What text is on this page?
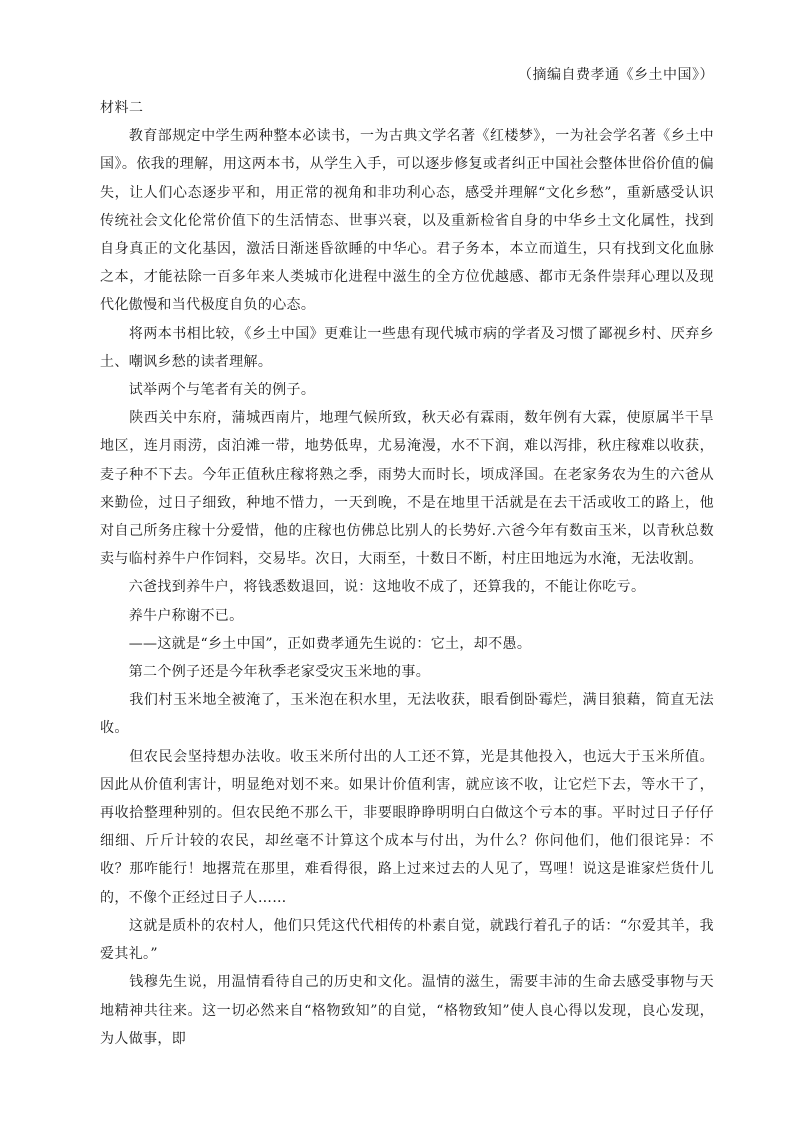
（摘编自费孝通《乡土中国》）

材料二

　　教育部规定中学生两种整本必读书，一为古典文学名著《红楼梦》，一为社会学名著《乡土中国》。依我的理解，用这两本书，从学生入手，可以逐步修复或者纠正中国社会整体世俗价值的偏失，让人们心态逐步平和，用正常的视角和非功利心态，感受并理解“文化乡愁”，重新感受认识传统社会文化伦常价值下的生活情态、世事兴衰，以及重新检省自身的中华乡土文化属性，找到自身真正的文化基因，激活日渐迷昏欲睡的中华心。君子务本，本立而道生，只有找到文化血脉之本，才能祛除一百多年来人类城市化进程中滋生的全方位优越感、都市无条件崇拜心理以及现代化傲慢和当代极度自负的心态。

　　将两本书相比较，《乡土中国》更难让一些患有现代城市病的学者及习惯了鄙视乡村、厌弃乡土、嘲讽乡愁的读者理解。

　　试举两个与笔者有关的例子。

　　陕西关中东府，蒲城西南片，地理气候所致，秋天必有霖雨，数年例有大霖，使原属半干旱地区，连月雨涝，卤泊滩一带，地势低卑，尤易淹漫，水不下润，难以泻排，秋庄稼难以收获，麦子种不下去。今年正值秋庄稼将熟之季，雨势大而时长，顷成泽国。在老家务农为生的六爸从来勤俭，过日子细致，种地不惜力，一天到晚，不是在地里干活就是在去干活或收工的路上，他对自己所务庄稼十分爱惜，他的庄稼也仿佛总比别人的长势好.六爸今年有数亩玉米，以青秋总数卖与临村养牛户作饲料，交易毕。次日，大雨至，十数日不断，村庄田地远为水淹，无法收割。

　　六爸找到养牛户，将钱悉数退回，说：这地收不成了，还算我的，不能让你吃亏。

　　养牛户称谢不已。

　　——这就是“乡土中国”，正如费孝通先生说的：它土，却不愚。

　　第二个例子还是今年秋季老家受灾玉米地的事。

　　我们村玉米地全被淹了，玉米泡在积水里，无法收获，眼看倒卧霉烂，满目狼藉，简直无法收。

　　但农民会坚持想办法收。收玉米所付出的人工还不算，光是其他投入，也远大于玉米所值。因此从价值利害计，明显绝对划不来。如果计价值利害，就应该不收，让它烂下去，等水干了，再收拾整理种别的。但农民绝不那么干，非要眼睁睁明明白白做这个亏本的事。平时过日子仔仔细细、斤斤计较的农民，却丝毫不计算这个成本与付出，为什么？你问他们，他们很诧异：不收？那咋能行！地撂荒在那里，难看得很，路上过来过去的人见了，骂哩！说这是谁家烂货什儿的，不像个正经过日子人……

　　这就是质朴的农村人，他们只凭这代代相传的朴素自觉，就践行着孔子的话：“尔爱其羊，我爱其礼。”

　　钱穆先生说，用温情看待自己的历史和文化。温情的滋生，需要丰沛的生命去感受事物与天地精神共往来。这一切必然来自“格物致知”的自觉，“格物致知”使人良心得以发现，良心发现，为人做事，即
